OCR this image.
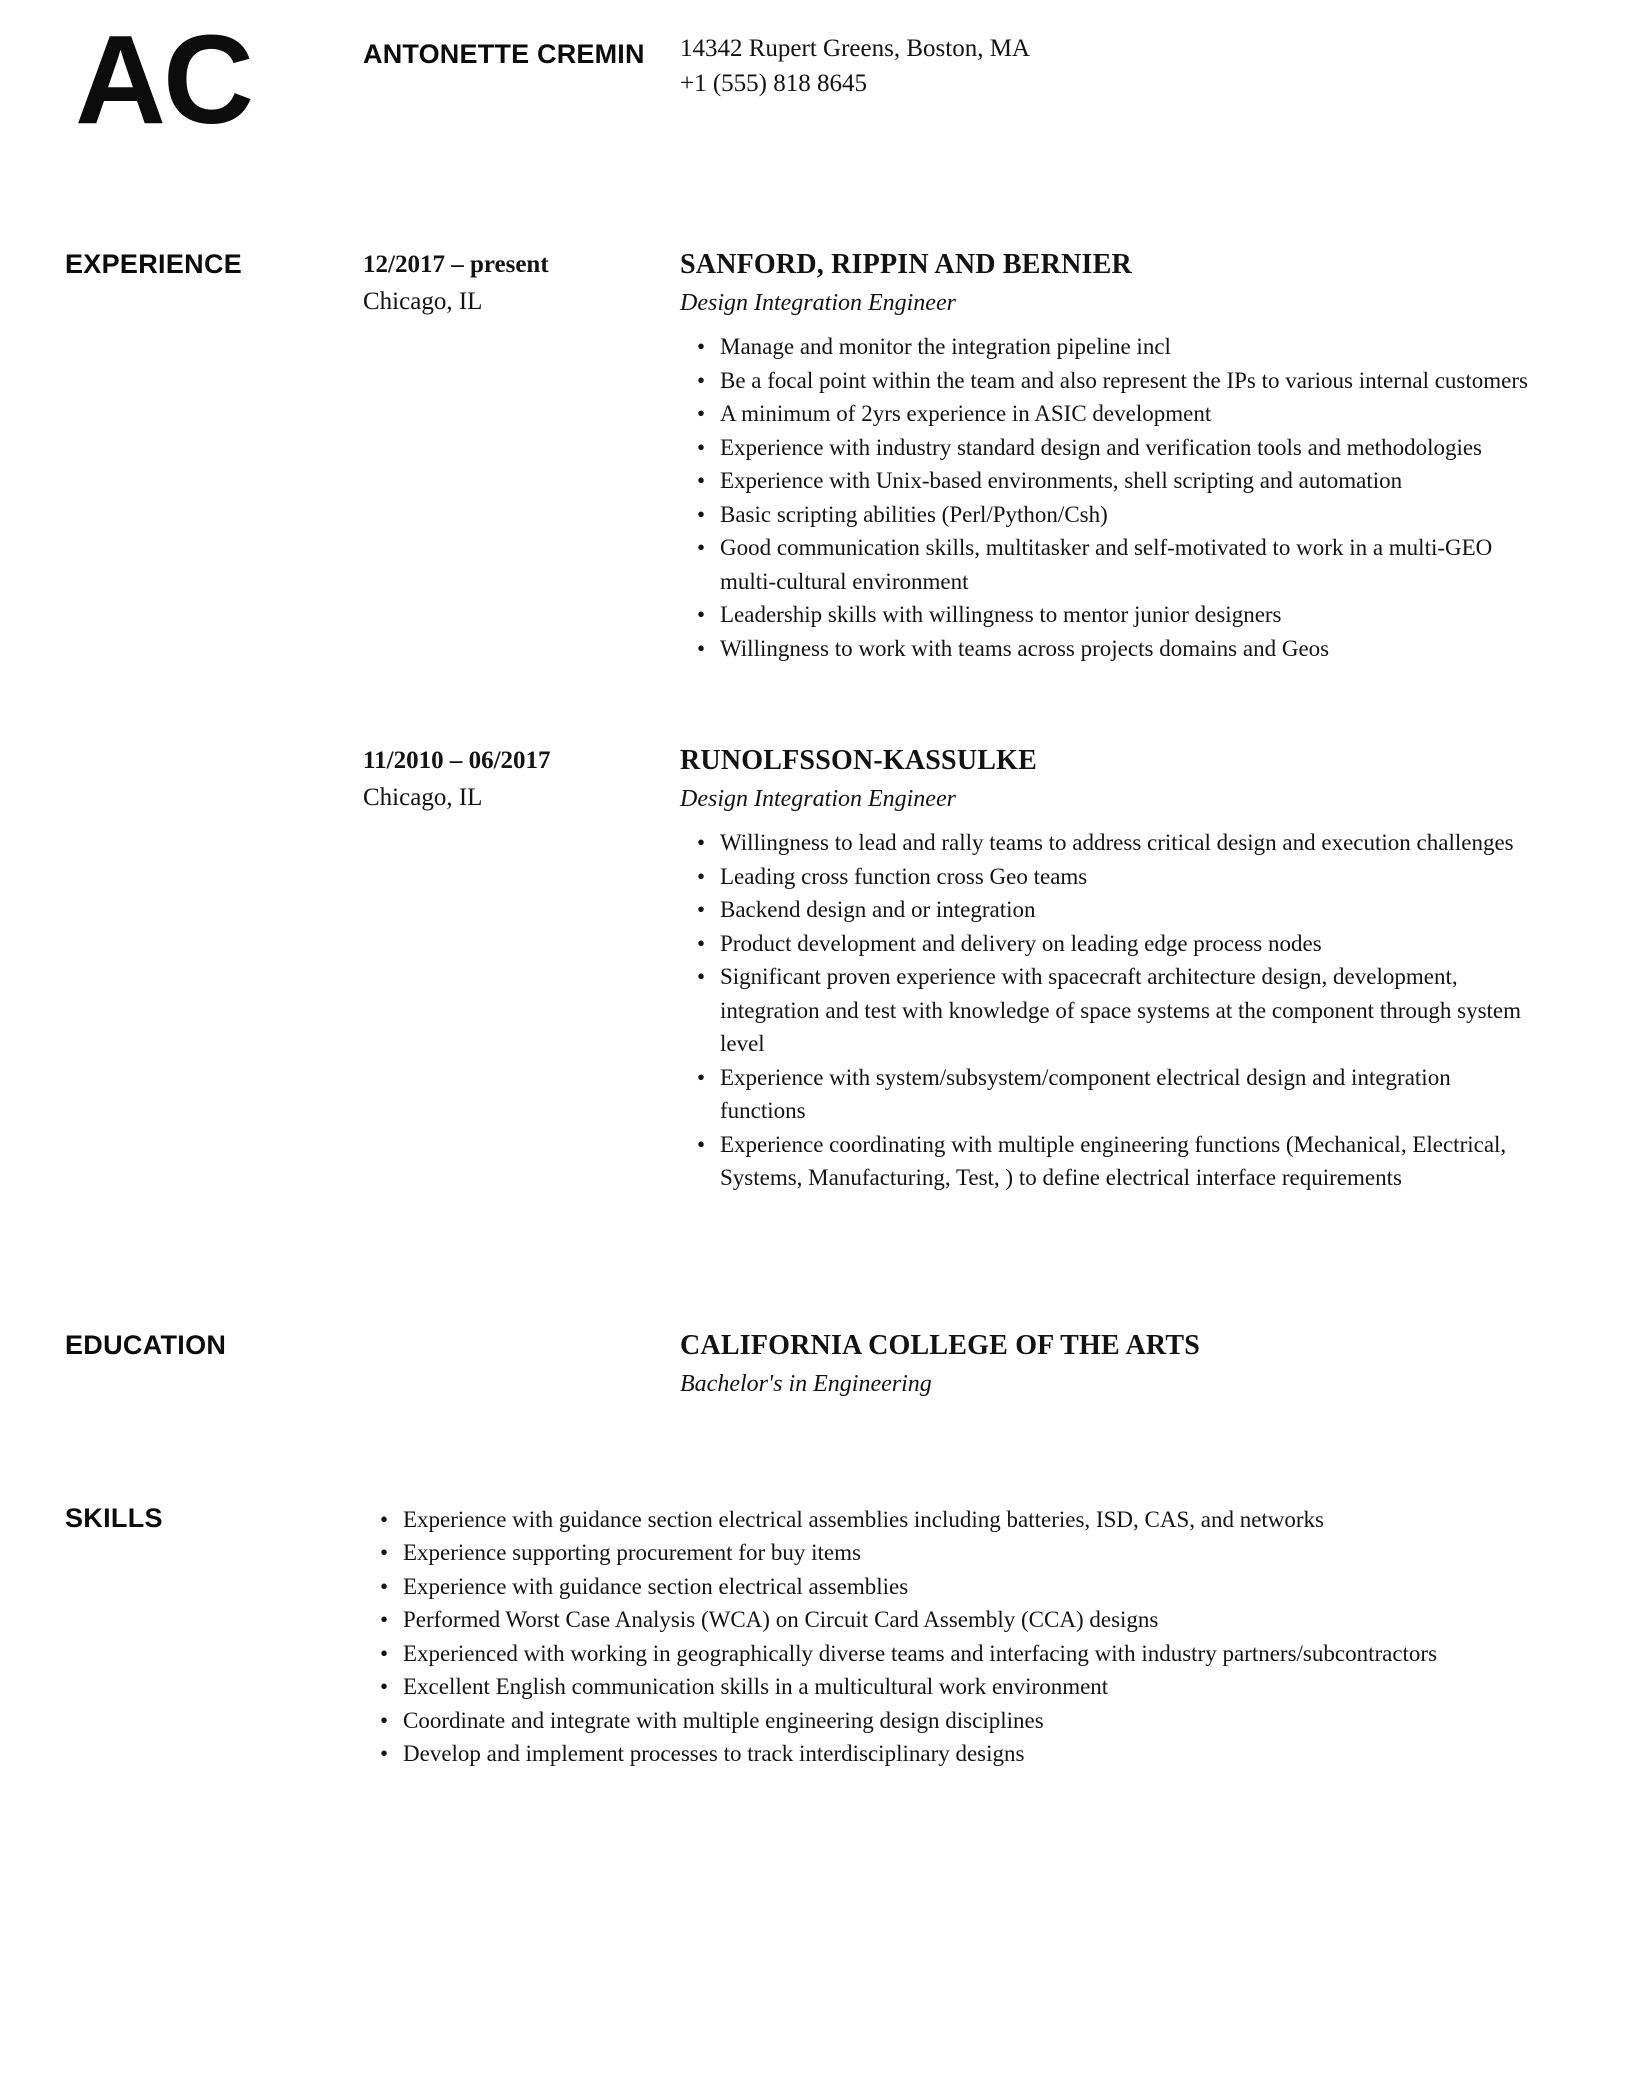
AC	ANTONETTE CREMIN	14342 Rupert Greens, Boston, MA
+1 (555) 818 8645
EXPERIENCE	12/2017 – present
Chicago, IL
SANFORD, RIPPIN AND BERNIER
Design Integration Engineer
• Manage and monitor the integration pipeline incl
• Be a focal point within the team and also represent the IPs to various internal customers
• A minimum of 2yrs experience in ASIC development
• Experience with industry standard design and verification tools and methodologies
• Experience with Unix-based environments, shell scripting and automation
• Basic scripting abilities (Perl/Python/Csh)
• Good communication skills, multitasker and self-motivated to work in a multi-GEO multi-cultural environment
• Leadership skills with willingness to mentor junior designers
• Willingness to work with teams across projects domains and Geos
11/2010 – 06/2017
Chicago, IL
RUNOLFSSON-KASSULKE
Design Integration Engineer
• Willingness to lead and rally teams to address critical design and execution challenges
• Leading cross function cross Geo teams
• Backend design and or integration
• Product development and delivery on leading edge process nodes
• Significant proven experience with spacecraft architecture design, development, integration and test with knowledge of space systems at the component through system level
• Experience with system/subsystem/component electrical design and integration functions
• Experience coordinating with multiple engineering functions (Mechanical, Electrical, Systems, Manufacturing, Test, ) to define electrical interface requirements
EDUCATION	CALIFORNIA COLLEGE OF THE ARTS
Bachelor's in Engineering
SKILLS	• Experience with guidance section electrical assemblies including batteries, ISD, CAS, and networks
• Experience supporting procurement for buy items
• Experience with guidance section electrical assemblies
• Performed Worst Case Analysis (WCA) on Circuit Card Assembly (CCA) designs
• Experienced with working in geographically diverse teams and interfacing with industry partners/subcontractors
• Excellent English communication skills in a multicultural work environment
• Coordinate and integrate with multiple engineering design disciplines
• Develop and implement processes to track interdisciplinary designs
